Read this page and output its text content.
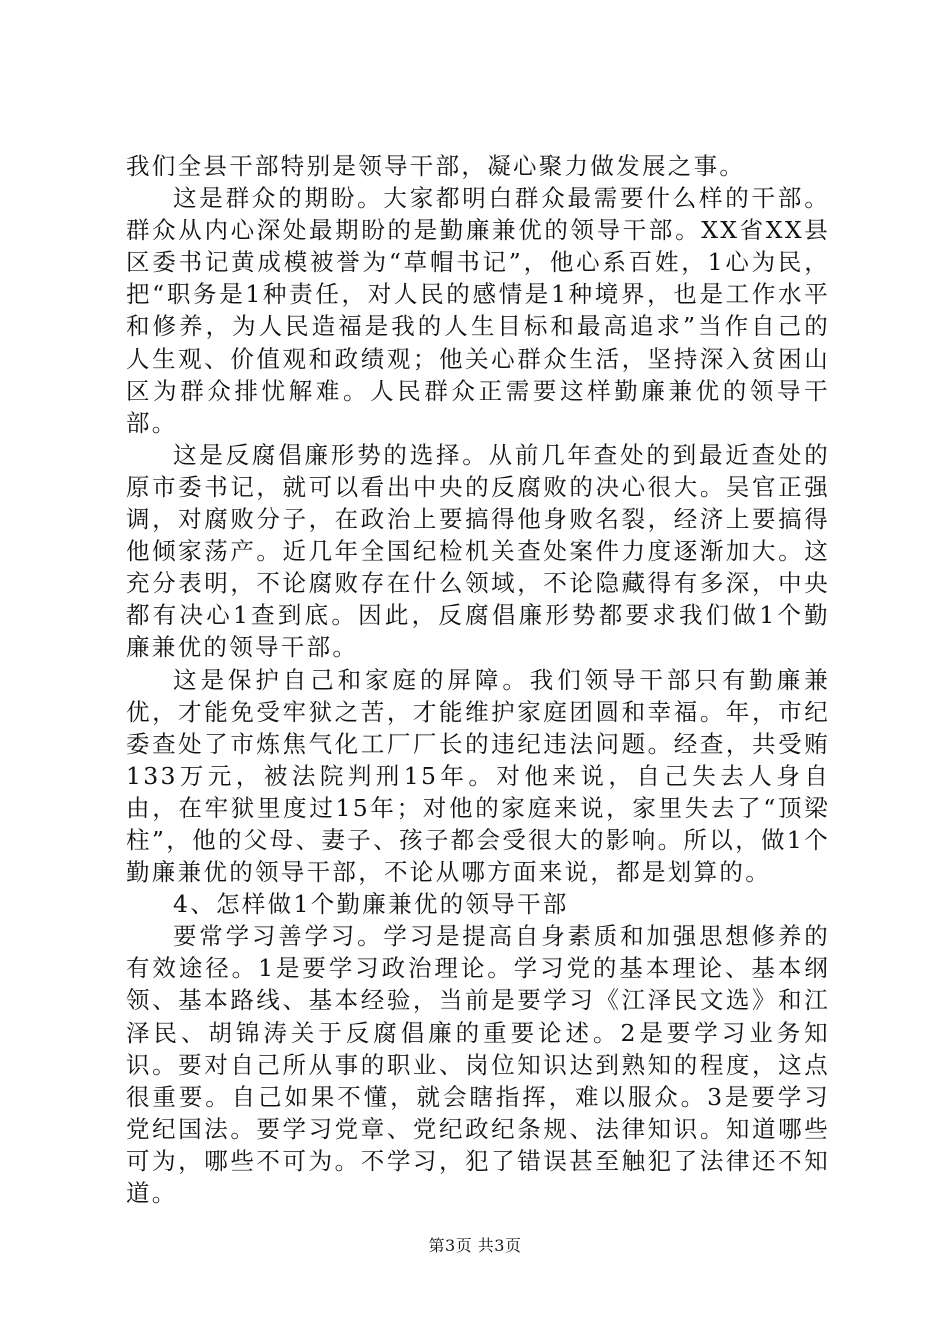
我们全县干部特别是领导干部，凝心聚力做发展之事。

这是群众的期盼。大家都明白群众最需要什么样的干部。群众从内心深处最期盼的是勤廉兼优的领导干部。XX省XX县区委书记黄成模被誉为“草帽书记”，他心系百姓，1心为民，把“职务是1种责任，对人民的感情是1种境界，也是工作水平和修养，为人民造福是我的人生目标和最高追求”当作自己的人生观、价值观和政绩观；他关心群众生活，坚持深入贫困山区为群众排忧解难。人民群众正需要这样勤廉兼优的领导干部。

这是反腐倡廉形势的选择。从前几年查处的到最近查处的原市委书记，就可以看出中央的反腐败的决心很大。吴官正强调，对腐败分子，在政治上要搞得他身败名裂，经济上要搞得他倾家荡产。近几年全国纪检机关查处案件力度逐渐加大。这充分表明，不论腐败存在什么领域，不论隐藏得有多深，中央都有决心1查到底。因此，反腐倡廉形势都要求我们做1个勤廉兼优的领导干部。

这是保护自己和家庭的屏障。我们领导干部只有勤廉兼优，才能免受牢狱之苦，才能维护家庭团圆和幸福。年，市纪委查处了市炼焦气化工厂厂长的违纪违法问题。经查，共受贿133万元，被法院判刑15年。对他来说，自己失去人身自由，在牢狱里度过15年；对他的家庭来说，家里失去了“顶梁柱”，他的父母、妻子、孩子都会受很大的影响。所以，做1个勤廉兼优的领导干部，不论从哪方面来说，都是划算的。

4、怎样做1个勤廉兼优的领导干部

要常学习善学习。学习是提高自身素质和加强思想修养的有效途径。1是要学习政治理论。学习党的基本理论、基本纲领、基本路线、基本经验，当前是要学习《江泽民文选》和江泽民、胡锦涛关于反腐倡廉的重要论述。2是要学习业务知识。要对自己所从事的职业、岗位知识达到熟知的程度，这点很重要。自己如果不懂，就会瞎指挥，难以服众。3是要学习党纪国法。要学习党章、党纪政纪条规、法律知识。知道哪些可为，哪些不可为。不学习，犯了错误甚至触犯了法律还不知道。

第3页 共3页
